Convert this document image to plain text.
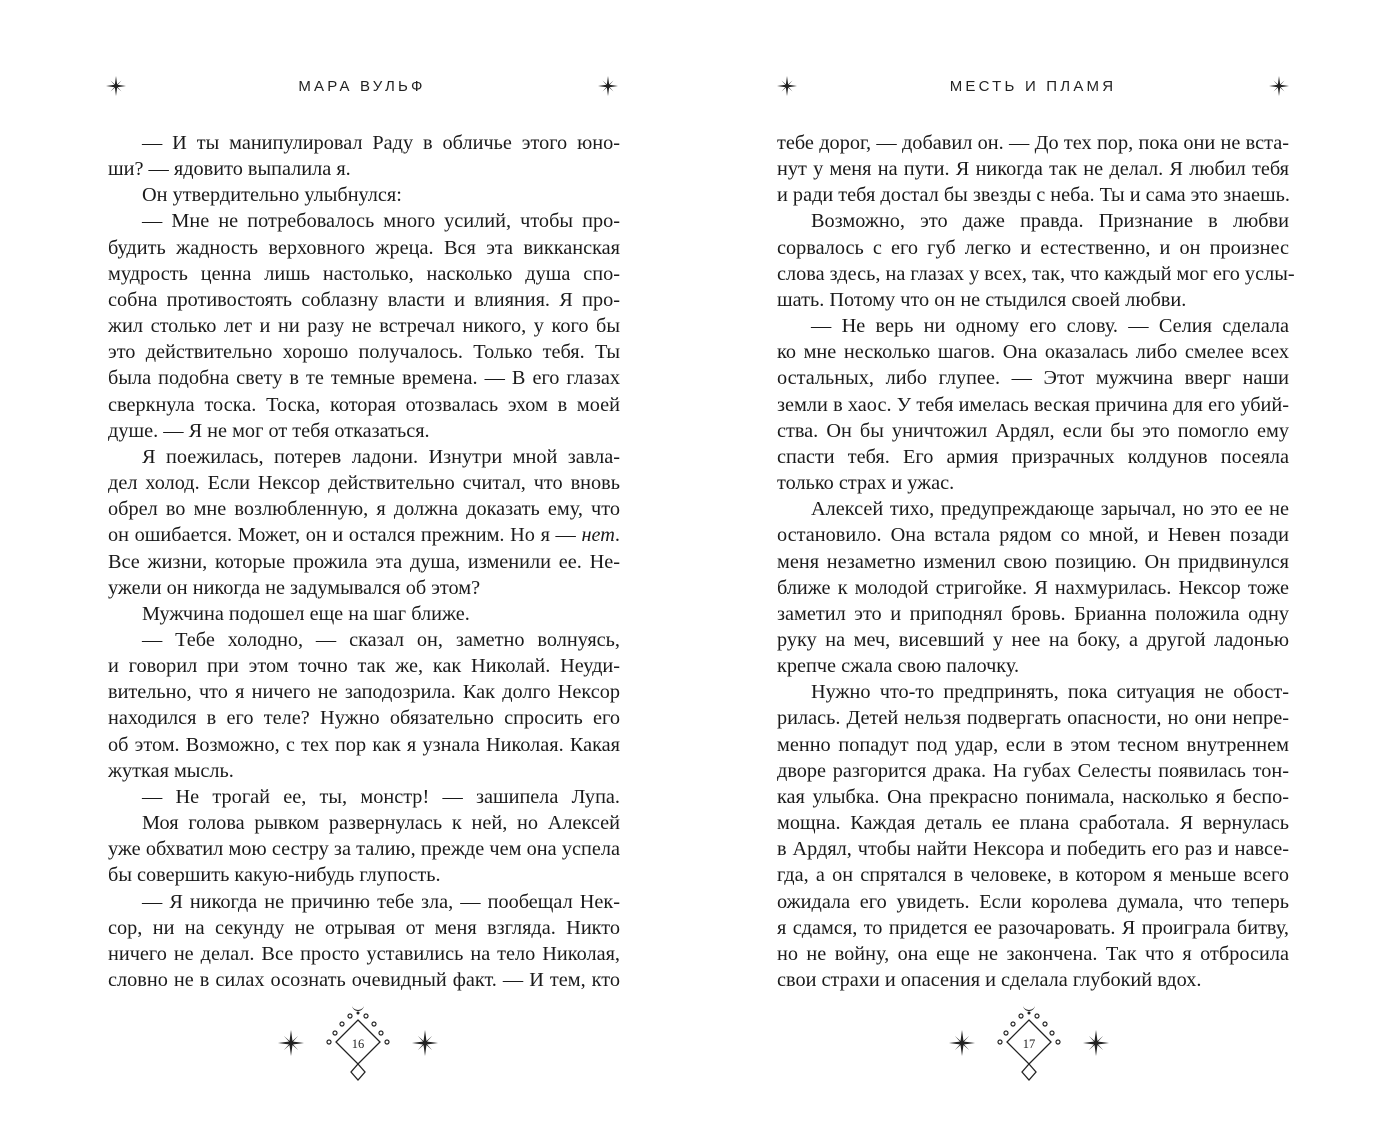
МАРА ВУЛЬФ
— И ты манипулировал Раду в обличье этого юно-
ши? — ядовито выпалила я.
Он утвердительно улыбнулся:
— Мне не потребовалось много усилий, чтобы про-
будить жадность верховного жреца. Вся эта викканская
мудрость ценна лишь настолько, насколько душа спо-
собна противостоять соблазну власти и влияния. Я про-
жил столько лет и ни разу не встречал никого, у кого бы
это действительно хорошо получалось. Только тебя. Ты
была подобна свету в те темные времена. — В его глазах
сверкнула тоска. Тоска, которая отозвалась эхом в моей
душе. — Я не мог от тебя отказаться.
Я поежилась, потерев ладони. Изнутри мной завла-
дел холод. Если Нексор действительно считал, что вновь
обрел во мне возлюбленную, я должна доказать ему, что
он ошибается. Может, он и остался прежним. Но я — нет.
Все жизни, которые прожила эта душа, изменили ее. Не-
ужели он никогда не задумывался об этом?
Мужчина подошел еще на шаг ближе.
— Тебе холодно, — сказал он, заметно волнуясь,
и говорил при этом точно так же, как Николай. Неуди-
вительно, что я ничего не заподозрила. Как долго Нексор
находился в его теле? Нужно обязательно спросить его
об этом. Возможно, с тех пор как я узнала Николая. Какая
жуткая мысль.
— Не трогай ее, ты, монстр! — зашипела Лупа.
Моя голова рывком развернулась к ней, но Алексей
уже обхватил мою сестру за талию, прежде чем она успела
бы совершить какую-нибудь глупость.
— Я никогда не причиню тебе зла, — пообещал Нек-
сор, ни на секунду не отрывая от меня взгляда. Никто
ничего не делал. Все просто уставились на тело Николая,
словно не в силах осознать очевидный факт. — И тем, кто
16
МЕСТЬ И ПЛАМЯ
тебе дорог, — добавил он. — До тех пор, пока они не вста-
нут у меня на пути. Я никогда так не делал. Я любил тебя
и ради тебя достал бы звезды с неба. Ты и сама это знаешь.
Возможно, это даже правда. Признание в любви
сорвалось с его губ легко и естественно, и он произнес
слова здесь, на глазах у всех, так, что каждый мог его услы-
шать. Потому что он не стыдился своей любви.
— Не верь ни одному его слову. — Селия сделала
ко мне несколько шагов. Она оказалась либо смелее всех
остальных, либо глупее. — Этот мужчина вверг наши
земли в хаос. У тебя имелась веская причина для его убий-
ства. Он бы уничтожил Ардял, если бы это помогло ему
спасти тебя. Его армия призрачных колдунов посеяла
только страх и ужас.
Алексей тихо, предупреждающе зарычал, но это ее не
остановило. Она встала рядом со мной, и Невен позади
меня незаметно изменил свою позицию. Он придвинулся
ближе к молодой стригойке. Я нахмурилась. Нексор тоже
заметил это и приподнял бровь. Брианна положила одну
руку на меч, висевший у нее на боку, а другой ладонью
крепче сжала свою палочку.
Нужно что-то предпринять, пока ситуация не обост-
рилась. Детей нельзя подвергать опасности, но они непре-
менно попадут под удар, если в этом тесном внутреннем
дворе разгорится драка. На губах Селесты появилась тон-
кая улыбка. Она прекрасно понимала, насколько я беспо-
мощна. Каждая деталь ее плана сработала. Я вернулась
в Ардял, чтобы найти Нексора и победить его раз и навсе-
гда, а он спрятался в человеке, в котором я меньше всего
ожидала его увидеть. Если королева думала, что теперь
я сдамся, то придется ее разочаровать. Я проиграла битву,
но не войну, она еще не закончена. Так что я отбросила
свои страхи и опасения и сделала глубокий вдох.
17
